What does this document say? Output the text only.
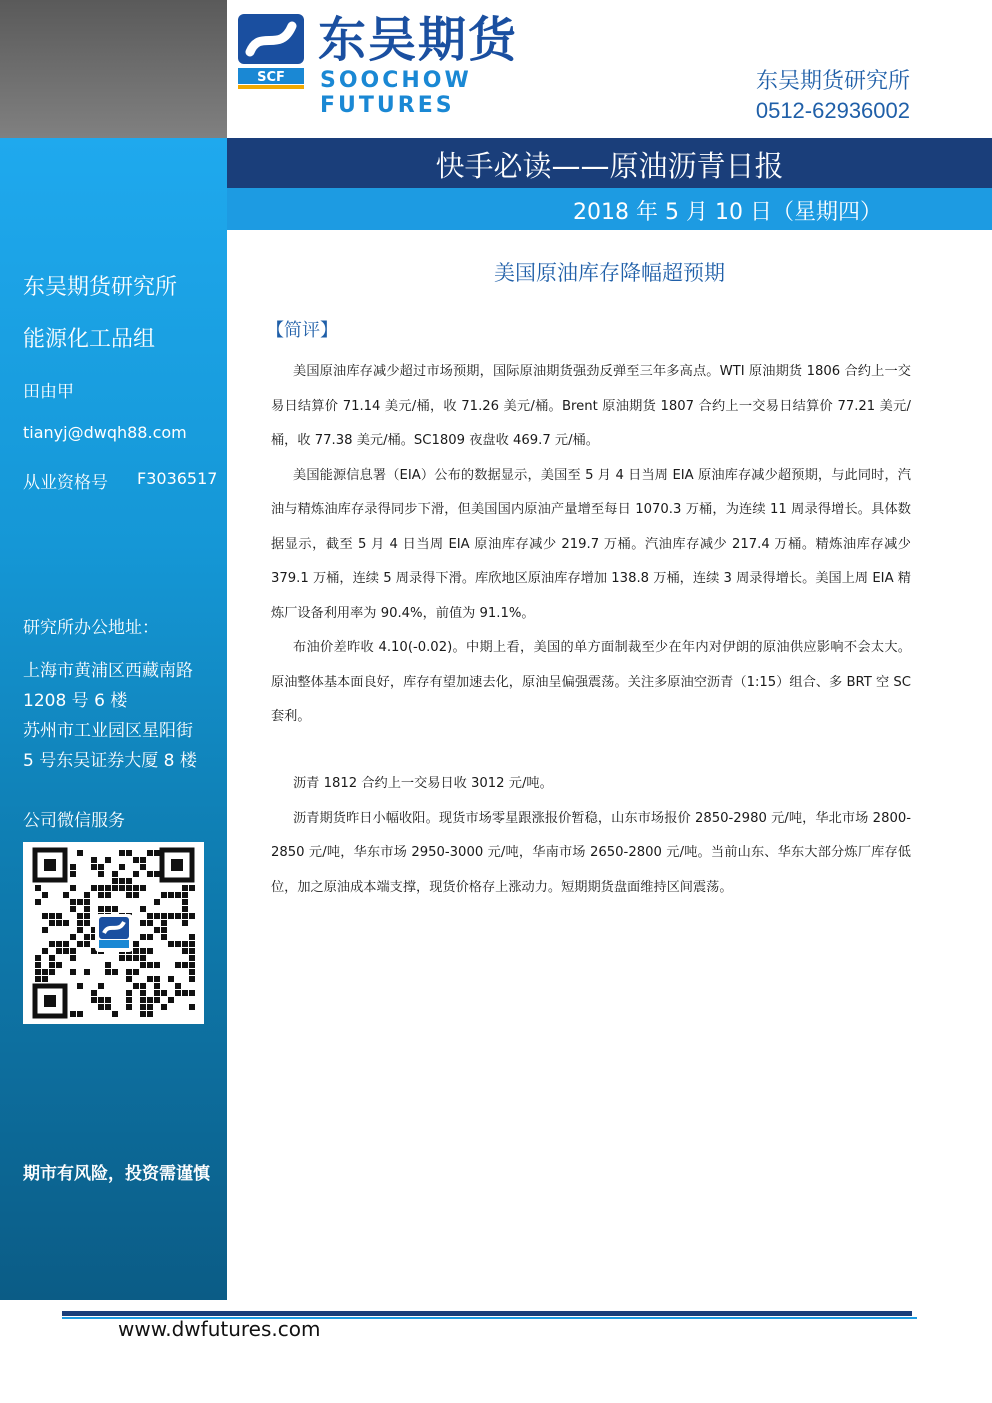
SCF
东吴期货
SOOCHOW FUTURES
东吴期货研究所
0512-62936002
快手必读——原油沥青日报
2018 年 5 月 10 日（星期四）
东吴期货研究所
能源化工品组
田由甲
tianyj@dwqh88.com
从业资格号 F3036517
研究所办公地址：
上海市黄浦区西藏南路
1208 号 6 楼
苏州市工业园区星阳街
5 号东吴证券大厦 8 楼
公司微信服务
期市有风险，投资需谨慎
美国原油库存降幅超预期
【简评】

美国原油库存减少超过市场预期，国际原油期货强劲反弹至三年多高点。WTI 原油期货 1806 合约上一交易日结算价 71.14 美元/桶，收 71.26 美元/桶。Brent 原油期货 1807 合约上一交易日结算价 77.21 美元/桶，收 77.38 美元/桶。SC1809 夜盘收 469.7 元/桶。

美国能源信息署（EIA）公布的数据显示，美国至 5 月 4 日当周 EIA 原油库存减少超预期，与此同时，汽油与精炼油库存录得同步下滑，但美国国内原油产量增至每日 1070.3 万桶，为连续 11 周录得增长。具体数据显示，截至 5 月 4 日当周 EIA 原油库存减少 219.7 万桶。汽油库存减少 217.4 万桶。精炼油库存减少 379.1 万桶，连续 5 周录得下滑。库欣地区原油库存增加 138.8 万桶，连续 3 周录得增长。美国上周 EIA 精炼厂设备利用率为 90.4%，前值为 91.1%。

布油价差昨收 4.10(-0.02)。中期上看，美国的单方面制裁至少在年内对伊朗的原油供应影响不会太大。原油整体基本面良好，库存有望加速去化，原油呈偏强震荡。关注多原油空沥青（1:15）组合、多 BRT 空 SC 套利。

沥青 1812 合约上一交易日收 3012 元/吨。

沥青期货昨日小幅收阳。现货市场零星跟涨报价暂稳，山东市场报价 2850-2980 元/吨，华北市场 2800-2850 元/吨，华东市场 2950-3000 元/吨，华南市场 2650-2800 元/吨。当前山东、华东大部分炼厂库存低位，加之原油成本端支撑，现货价格存上涨动力。短期期货盘面维持区间震荡。

www.dwfutures.com
